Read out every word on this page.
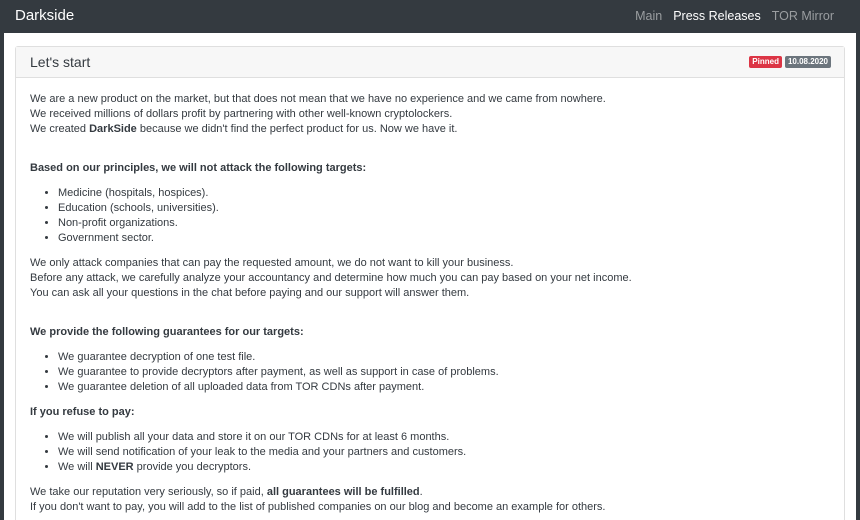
Darkside	Main Press Releases TOR Mirror
Let's start	Pinned	10.08.2020

We are a new product on the market, but that does not mean that we have no experience and we came from nowhere.

We received millions of dollars profit by partnering with other well-known cryptolockers.

We created DarkSide because we didn't find the perfect product for us. Now we have it.

Based on our principles, we will not attack the following targets:

• Medicine (hospitals, hospices).
• Education (schools, universities).
• Non-profit organizations.
• Government sector.

We only attack companies that can pay the requested amount, we do not want to kill your business.

Before any attack, we carefully analyze your accountancy and determine how much you can pay based on your net income.

You can ask all your questions in the chat before paying and our support will answer them.

We provide the following guarantees for our targets:

• We guarantee decryption of one test file.
• We guarantee to provide decryptors after payment, as well as support in case of problems.
• We guarantee deletion of all uploaded data from TOR CDNs after payment.

If you refuse to pay:

• We will publish all your data and store it on our TOR CDNs for at least 6 months.
• We will send notification of your leak to the media and your partners and customers.
• We will NEVER provide you decryptors.

We take our reputation very seriously, so if paid, all guarantees will be fulfilled.

If you don't want to pay, you will add to the list of published companies on our blog and become an example for others.
